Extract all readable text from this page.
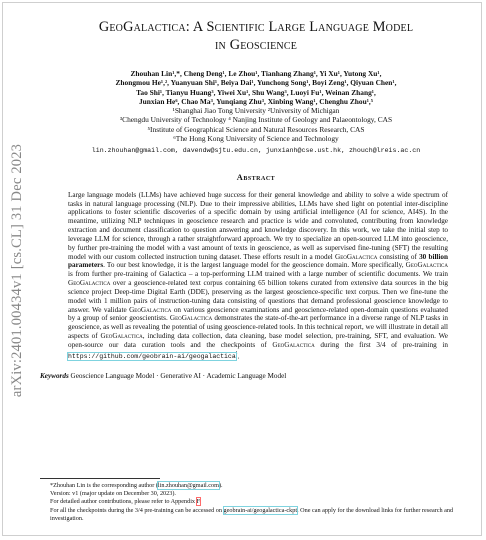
arXiv:2401.00434v1 [cs.CL] 31 Dec 2023
GeoGalactica: A Scientific Large Language Model
in Geoscience
Zhouhan Lin¹,*, Cheng Deng¹, Le Zhou¹, Tianhang Zhang¹, Yi Xu¹, Yutong Xu¹,
Zhongmou He¹,², Yuanyuan Shi¹, Beiya Dai¹, Yunchong Song¹, Boyi Zeng¹, Qiyuan Chen¹,
Tao Shi¹, Tianyu Huang³, Yiwei Xu¹, Shu Wang³, Luoyi Fu¹, Weinan Zhang¹,
Junxian He⁶, Chao Ma³, Yunqiang Zhu³, Xinbing Wang¹, Chenghu Zhou¹,⁵
¹Shanghai Jiao Tong University ²University of Michigan
³Chengdu University of Technology ⁴ Nanjing Institute of Geology and Palaeontology, CAS
⁵Institute of Geographical Science and Natural Resources Research, CAS
⁶The Hong Kong University of Science and Technology
lin.zhouhan@gmail.com, davendw@sjtu.edu.cn, junxianh@cse.ust.hk, zhouch@lreis.ac.cn
Abstract
Large language models (LLMs) have achieved huge success for their general knowledge and ability to solve a wide spectrum of tasks in natural language processing (NLP). Due to their impressive abilities, LLMs have shed light on potential inter-discipline applications to foster scientific discoveries of a specific domain by using artificial intelligence (AI for science, AI4S). In the meantime, utilizing NLP techniques in geoscience research and practice is wide and convoluted, contributing from knowledge extraction and document classification to question answering and knowledge discovery. In this work, we take the initial step to leverage LLM for science, through a rather straightforward approach. We try to specialize an open-sourced LLM into geoscience, by further pre-training the model with a vast amount of texts in geoscience, as well as supervised fine-tuning (SFT) the resulting model with our custom collected instruction tuning dataset. These efforts result in a model GeoGalactica consisting of 30 billion parameters. To our best knowledge, it is the largest language model for the geoscience domain. More specifically, GeoGalactica is from further pre-training of Galactica – a top-performing LLM trained with a large number of scientific documents. We train GeoGalactica over a geoscience-related text corpus containing 65 billion tokens curated from extensive data sources in the big science project Deep-time Digital Earth (DDE), preserving as the largest geoscience-specific text corpus. Then we fine-tune the model with 1 million pairs of instruction-tuning data consisting of questions that demand professional geoscience knowledge to answer. We validate GeoGalactica on various geoscience examinations and geoscience-related open-domain questions evaluated by a group of senior geoscientists. GeoGalactica demonstrates the state-of-the-art performance in a diverse range of NLP tasks in geoscience, as well as revealing the potential of using geoscience-related tools. In this technical report, we will illustrate in detail all aspects of GeoGalactica, including data collection, data cleaning, base model selection, pre-training, SFT, and evaluation. We open-source our data curation tools and the checkpoints of GeoGalactica during the first 3/4 of pre-training in https://github.com/geobrain-ai/geogalactica$^{^1}$.
Keywords Geoscience Language Model · Generative AI · Academic Language Model

*Zhouhan Lin is the corresponding author (lin.zhouhan@gmail.com).

Version: v1 (major update on December 30, 2023).

For detailed author contributions, please refer to Appendix F.

For all the checkpoints during the 3/4 pre-training can be accessed on geobrain-ai/geogalactica-ckpt. One can apply for the download links for further research and investigation.
